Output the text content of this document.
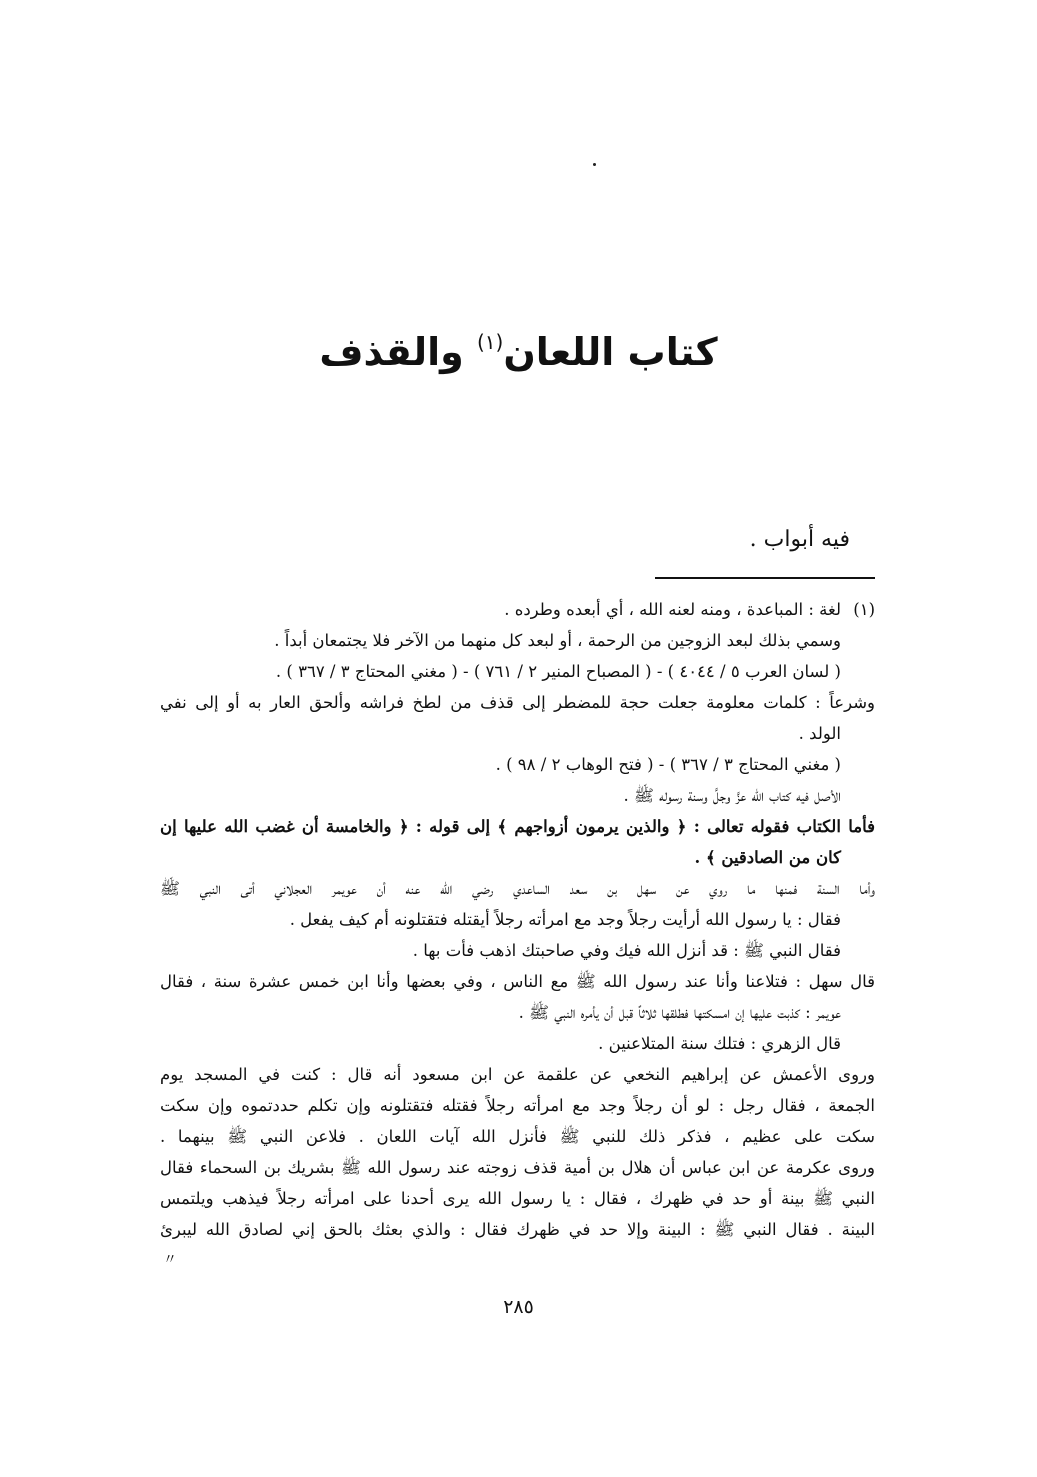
كتاب اللعان$^{(١)}$ والقذف
فيه أبواب .
(١)
لغة : المباعدة ، ومنه لعنه الله ، أي أبعده وطرده .
وسمي بذلك لبعد الزوجين من الرحمة ، أو لبعد كل منهما من الآخر فلا يجتمعان أبداً .
( لسان العرب ٥ / ٤٠٤٤ ) - ( المصباح المنير ٢ / ٧٦١ ) - ( مغني المحتاج ٣ / ٣٦٧ ) .
وشرعاً : كلمات معلومة جعلت حجة للمضطر إلى قذف من لطخ فراشه وألحق العار به أو إلى نفي
الولد .
( مغني المحتاج ٣ / ٣٦٧ ) - ( فتح الوهاب ٢ / ٩٨ ) .
الأصل فيه كتاب الله عزَّ وجلَّ وسنة رسوله ﷺ .
فأما الكتاب فقوله تعالى : ﴿ والذين يرمون أزواجهم ﴾ إلى قوله : ﴿ والخامسة أن غضب الله عليها إن
كان من الصادقين ﴾ .
وأما السنة فمنها ما روي عن سهل بن سعد الساعدي رضي الله عنه أن عويمر العجلاني أتى النبي ﷺ
فقال : يا رسول الله أرأيت رجلاً وجد مع امرأته رجلاً أيقتله فتقتلونه أم كيف يفعل .
فقال النبي ﷺ : قد أنزل الله فيك وفي صاحبتك اذهب فأت بها .
قال سهل : فتلاعنا وأنا عند رسول الله ﷺ مع الناس ، وفي بعضها وأنا ابن خمس عشرة سنة ، فقال
عويمر : كذبت عليها إن امسكتها فطلقها ثلاثاً قبل أن يأمره النبي ﷺ .
قال الزهري : فتلك سنة المتلاعنين .
وروى الأعمش عن إبراهيم النخعي عن علقمة عن ابن مسعود أنه قال : كنت في المسجد يوم
الجمعة ، فقال رجل : لو أن رجلاً وجد مع امرأته رجلاً فقتله فتقتلونه وإن تكلم حددتموه وإن سكت
سكت على عظيم ، فذكر ذلك للنبي ﷺ فأنزل الله آيات اللعان . فلاعن النبي ﷺ بينهما .
وروى عكرمة عن ابن عباس أن هلال بن أمية قذف زوجته عند رسول الله ﷺ بشريك بن السحماء فقال
النبي ﷺ بينة أو حد في ظهرك ، فقال : يا رسول الله يرى أحدنا على امرأته رجلاً فيذهب ويلتمس
البينة . فقال النبي ﷺ : البينة وإلا حد في ظهرك فقال : والذي بعثك بالحق إني لصادق الله ليبرئ
〃
٢٨٥
